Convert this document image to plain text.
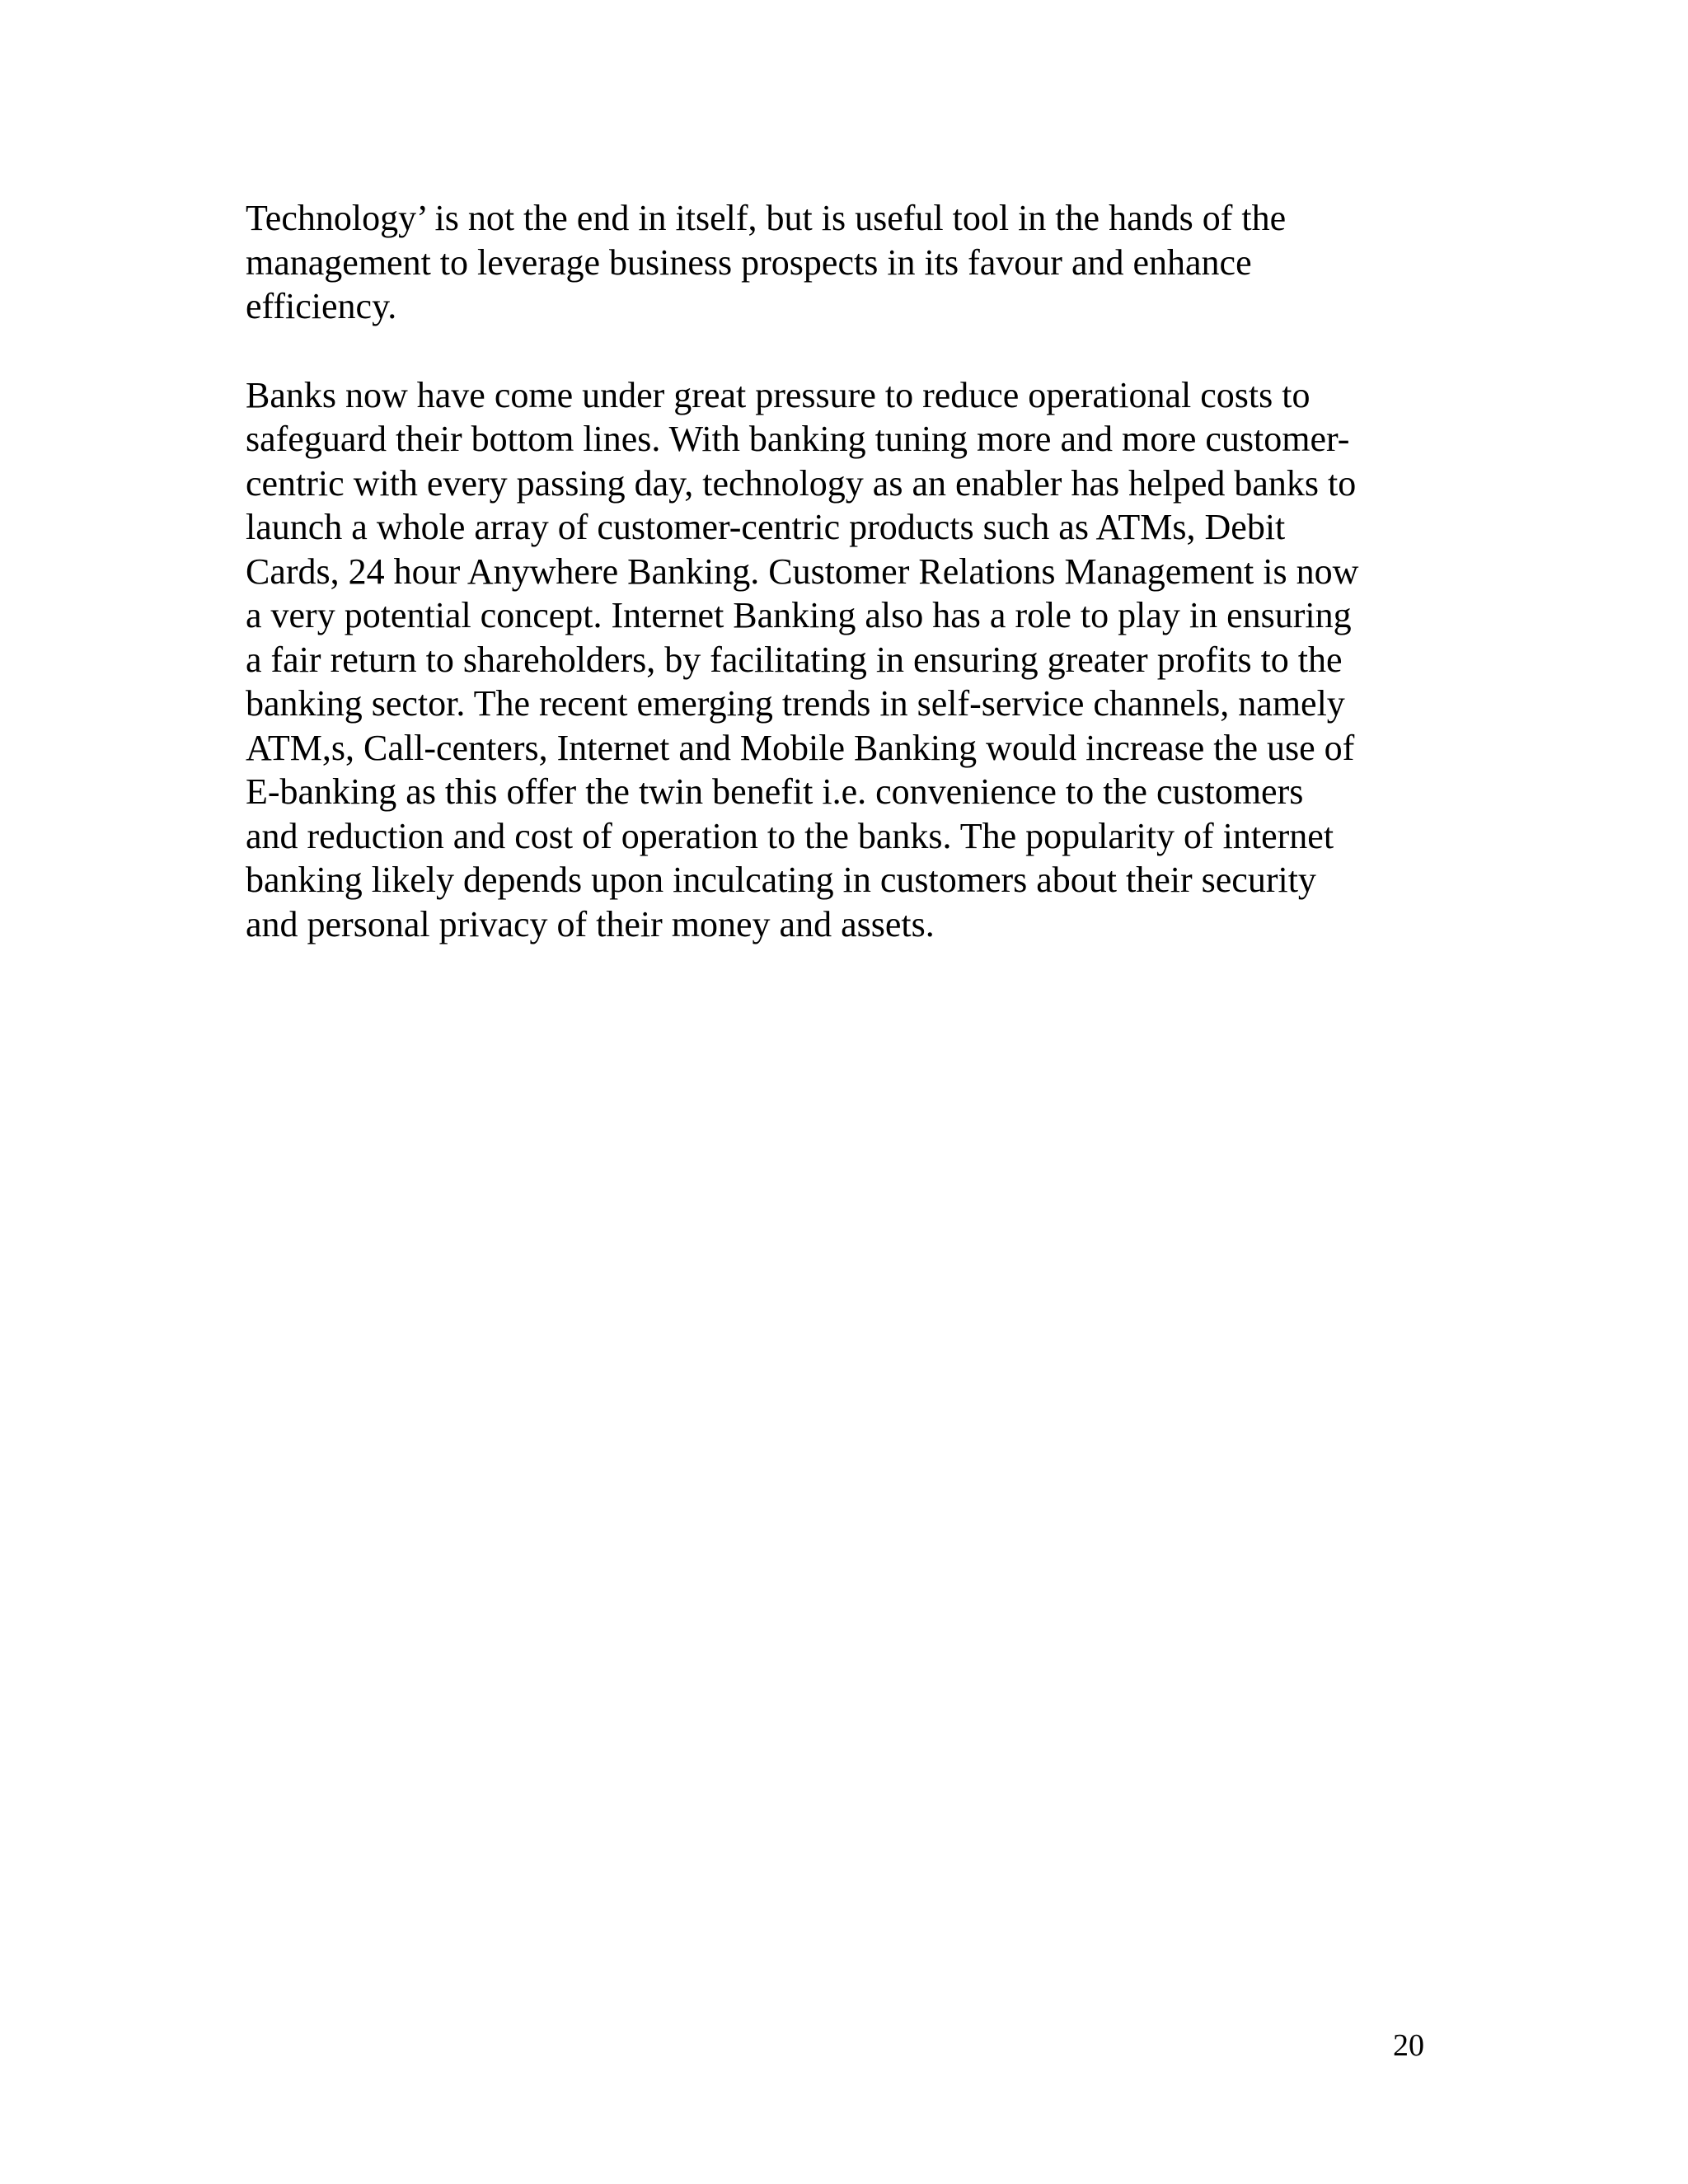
Technology’ is not the end in itself, but is useful tool in the hands of the
management to leverage business prospects in its favour and enhance
efficiency.
Banks now have come under great pressure to reduce operational costs to
safeguard their bottom lines. With banking tuning more and more customer-
centric with every passing day, technology as an enabler has helped banks to
launch a whole array of customer-centric products such as ATMs, Debit
Cards, 24 hour Anywhere Banking. Customer Relations Management is now
a very potential concept. Internet Banking also has a role to play in ensuring
a fair return to shareholders, by facilitating in ensuring greater profits to the
banking sector. The recent emerging trends in self-service channels, namely
ATM,s, Call-centers, Internet and Mobile Banking would increase the use of
E-banking as this offer the twin benefit i.e. convenience to the customers
and reduction and cost of operation to the banks. The popularity of internet
banking likely depends upon inculcating in customers about their security
and personal privacy of their money and assets.
20
